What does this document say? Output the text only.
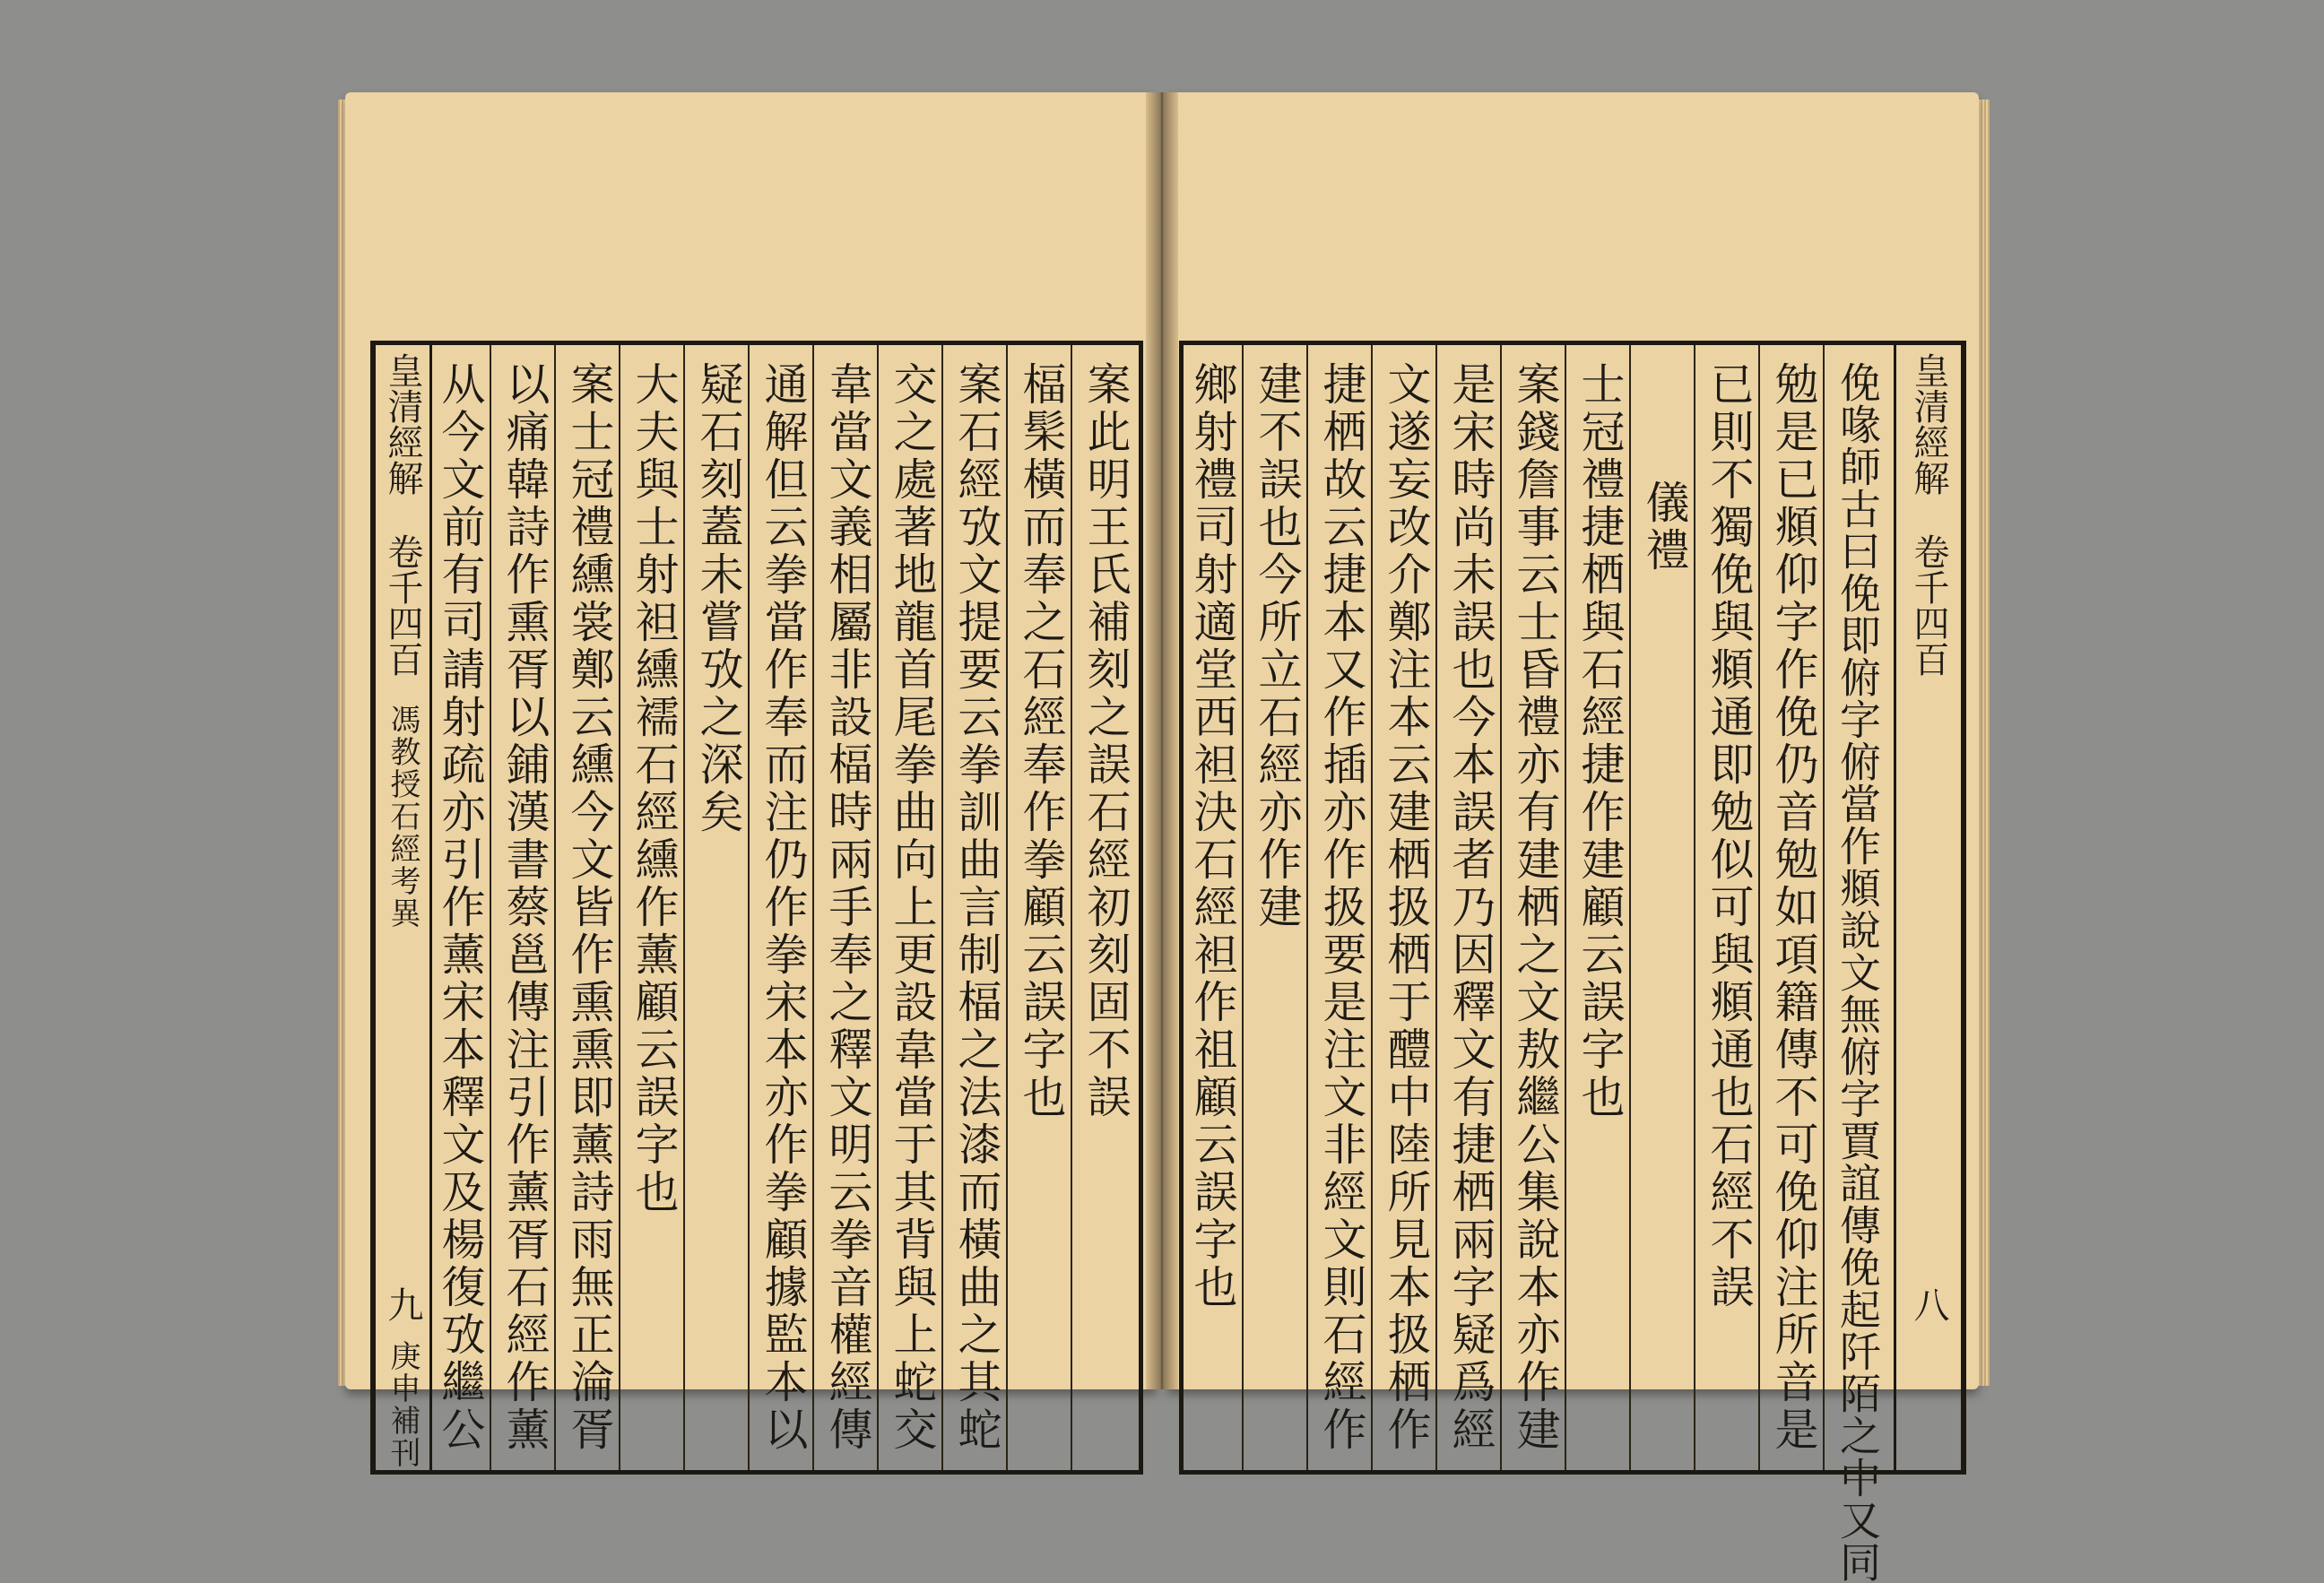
案此明王氏補刻之誤石經初刻固不誤
楅髤橫而奉之石經奉作拳顧云誤字也
案石經攷文提要云拳訓曲言制楅之法漆而橫曲之其蛇
交之處著地龍首尾拳曲向上更設韋當于其背與上蛇交
韋當文義相屬非設楅時兩手奉之釋文明云拳音權經傳
通解但云拳當作奉而注仍作拳宋本亦作拳顧據監本以
疑石刻蓋未嘗攷之深矣
大夫與士射袒纁襦石經纁作薰顧云誤字也
案士冠禮纁裳鄭云纁今文皆作熏熏即薰詩雨無正淪胥
以痛韓詩作熏胥以鋪漢書蔡邕傳注引作薰胥石經作薰
从今文前有司請射疏亦引作薰宋本釋文及楊復攷繼公
皇清經解
卷千四百
馮教授石經考異
九
庚申補刊
皇清經解
卷千四百
八
俛喙師古曰俛即俯字俯當作頫說文無俯字賈誼傳俛起阡陌之中又同
勉是已頫仰字作俛仍音勉如項籍傳不可俛仰注所音是
已則不獨俛與頫通即勉似可與頫通也石經不誤
儀禮
士冠禮捷栖與石經捷作建顧云誤字也
案錢詹事云士昏禮亦有建栖之文敖繼公集說本亦作建
是宋時尚未誤也今本誤者乃因釋文有捷栖兩字疑爲經
文遂妄改介鄭注本云建栖扱栖于醴中陸所見本扱栖作
捷栖故云捷本又作插亦作扱要是注文非經文則石經作
建不誤也今所立石經亦作建
鄉射禮司射適堂西袒決石經袒作祖顧云誤字也
